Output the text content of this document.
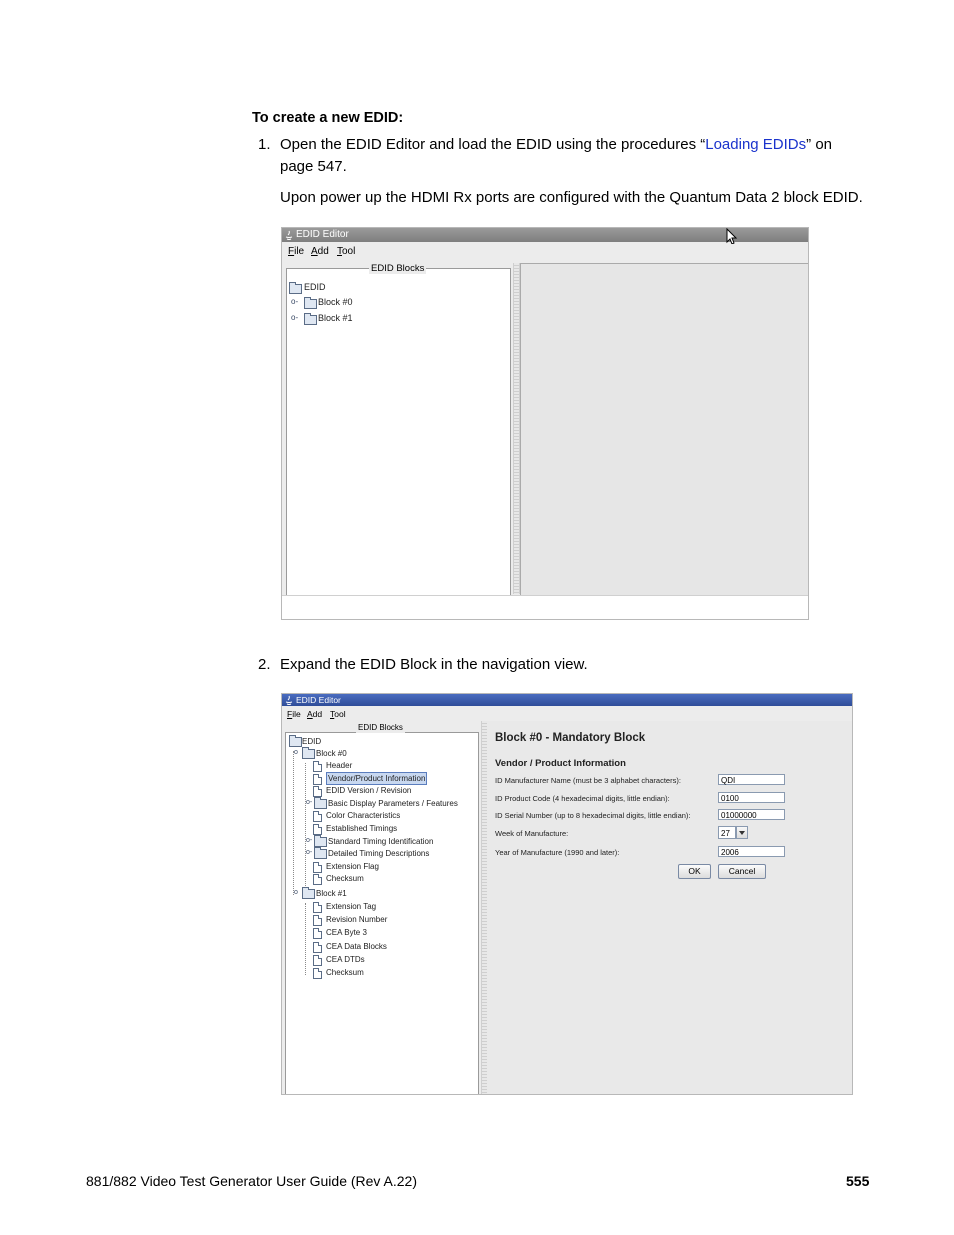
To create a new EDID:
1. Open the EDID Editor and load the EDID using the procedures “Loading EDIDs” on
page 547.
Upon power up the HDMI Rx ports are configured with the Quantum Data 2 block EDID.
EDID Editor
File Add Tool
EDID Blocks
EDID
o- Block #0
o- Block #1
2. Expand the EDID Block in the navigation view.
EDID Editor
File Add Tool
EDID Blocks
EDID
o Block #0
Header
Vendor/Product Information
EDID Version / Revision
o- Basic Display Parameters / Features
Color Characteristics
Established Timings
o- Standard Timing Identification
o- Detailed Timing Descriptions
Extension Flag
Checksum
o Block #1
Extension Tag
Revision Number
CEA Byte 3
CEA Data Blocks
CEA DTDs
Checksum
Block #0 - Mandatory Block
Vendor / Product Information
ID Manufacturer Name (must be 3 alphabet characters):	QDI
ID Product Code (4 hexadecimal digits, little endian):	0100
ID Serial Number (up to 8 hexadecimal digits, little endian):	01000000
Week of Manufacture:	27
Year of Manufacture (1990 and later):	2006
OK	Cancel
881/882 Video Test Generator User Guide (Rev A.22)	555
